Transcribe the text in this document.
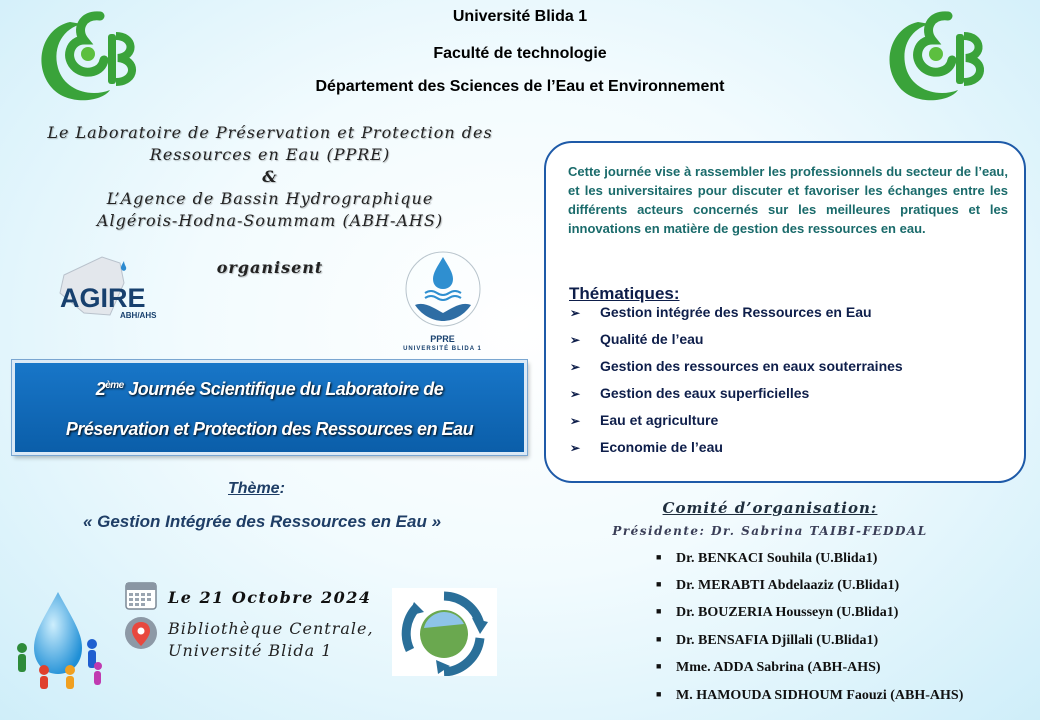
Université Blida 1
Faculté de technologie
Département des Sciences de l’Eau et Environnement
Le Laboratoire de Préservation et Protection des
Ressources en Eau (PPRE)
&
L’Agence de Bassin Hydrographique
Algérois-Hodna-Soummam (ABH-AHS)
organisent
AGIRE
ABH/AHS
PPRE
UNIVERSITÉ BLIDA 1
2ème Journée Scientifique du Laboratoire de
Préservation et Protection des Ressources en Eau
Thème:
« Gestion Intégrée des Ressources en Eau »
Le 21 Octobre 2024
Bibliothèque Centrale,
Université Blida 1
Cette journée vise à rassembler les professionnels du secteur de l’eau, et les universitaires pour discuter et favoriser les échanges entre les différents acteurs concernés sur les meilleures pratiques et les innovations en matière de gestion des ressources en eau.
Thématiques:
➢ Gestion intégrée des Ressources en Eau
➢ Qualité de l’eau
➢ Gestion des ressources en eaux souterraines
➢ Gestion des eaux superficielles
➢ Eau et agriculture
➢ Economie de l’eau
Comité d’organisation:
Présidente: Dr. Sabrina TAIBI-FEDDAL
■ Dr. BENKACI Souhila (U.Blida1)
■ Dr. MERABTI Abdelaaziz (U.Blida1)
■ Dr. BOUZERIA Housseyn (U.Blida1)
■ Dr. BENSAFIA Djillali (U.Blida1)
■ Mme. ADDA Sabrina (ABH-AHS)
■ M. HAMOUDA SIDHOUM Faouzi (ABH-AHS)
